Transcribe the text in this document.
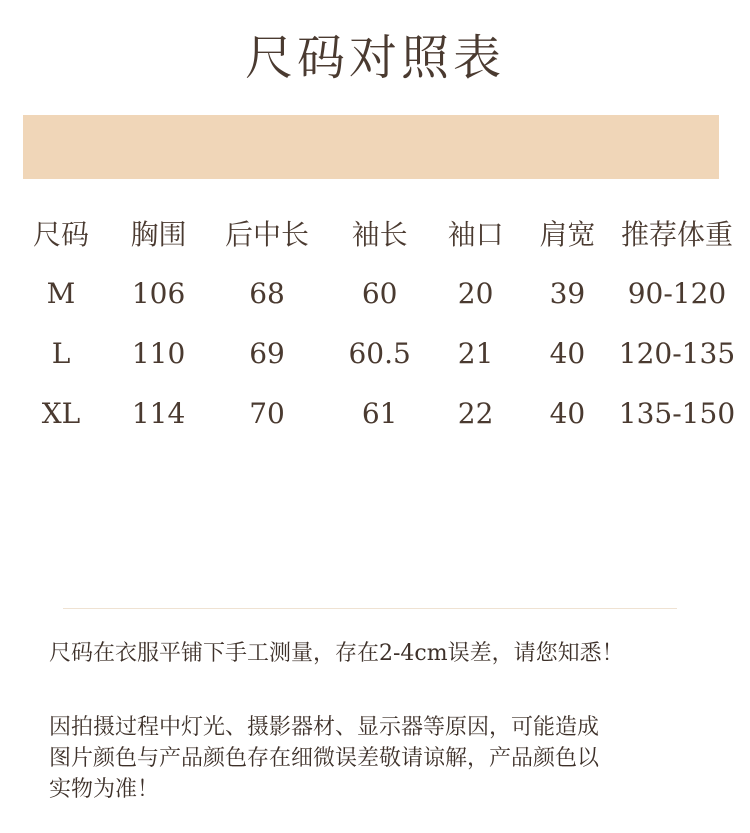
尺码对照表
尺码	胸围	后中长	袖长	袖口	肩宽	推荐体重
M	106	68	60	20	39	90-120
L	110	69	60.5	21	40	120-135
XL	114	70	61	22	40	135-150
尺码在衣服平铺下手工测量，存在2-4cm误差，请您知悉！
因拍摄过程中灯光、摄影器材、显示器等原因，可能造成
图片颜色与产品颜色存在细微误差敬请谅解，产品颜色以
实物为准！
